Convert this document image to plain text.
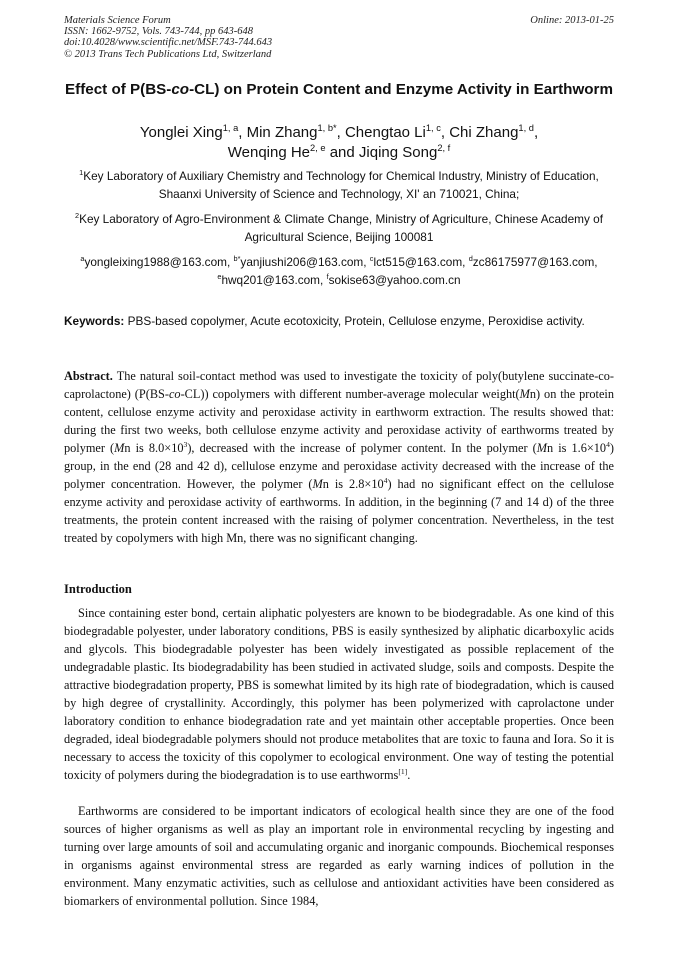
Materials Science Forum
ISSN: 1662-9752, Vols. 743-744, pp 643-648
doi:10.4028/www.scientific.net/MSF.743-744.643
© 2013 Trans Tech Publications Ltd, Switzerland
Online: 2013-01-25
Effect of P(BS-co-CL) on Protein Content and Enzyme Activity in Earthworm
Yonglei Xing$^{1, a}$, Min Zhang$^{1, b*}$, Chengtao Li$^{1, c}$, Chi Zhang$^{1, d}$,
Wenqing He$^{2, e}$ and Jiqing Song$^{2, f}$
$^1$Key Laboratory of Auxiliary Chemistry and Technology for Chemical Industry, Ministry of Education, Shaanxi University of Science and Technology, XI' an 710021, China;
$^2$Key Laboratory of Agro-Environment & Climate Change, Ministry of Agriculture, Chinese Academy of Agricultural Science, Beijing 100081
$^a$yongleixing1988@163.com, $^{b*}$yanjiushi206@163.com, $^c$lct515@163.com, $^d$zc86175977@163.com,
$^e$hwq201@163.com, $^f$sokise63@yahoo.com.cn
Keywords: PBS-based copolymer, Acute ecotoxicity, Protein, Cellulose enzyme, Peroxidise activity.
Abstract. The natural soil-contact method was used to investigate the toxicity of poly(butylene succinate-co-caprolactone) (P(BS-co-CL)) copolymers with different number-average molecular weight(Mn) on the protein content, cellulose enzyme activity and peroxidase activity in earthworm extraction. The results showed that: during the first two weeks, both cellulose enzyme activity and peroxidase activity of earthworms treated by polymer (Mn is $8.0\times 10^3$), decreased with the increase of polymer content. In the polymer (Mn is $1.6\times 10^4$) group, in the end (28 and 42 d), cellulose enzyme and peroxidase activity decreased with the increase of the polymer concentration. However, the polymer (Mn is $2.8\times 10^4$) had no significant effect on the cellulose enzyme activity and peroxidase activity of earthworms. In addition, in the beginning (7 and 14 d) of the three treatments, the protein content increased with the raising of polymer concentration. Nevertheless, in the test treated by copolymers with high Mn, there was no significant changing.
Introduction
Since containing ester bond, certain aliphatic polyesters are known to be biodegradable. As one kind of this biodegradable polyester, under laboratory conditions, PBS is easily synthesized by aliphatic dicarboxylic acids and glycols. This biodegradable polyester has been widely investigated as possible replacement of the undegradable plastic. Its biodegradability has been studied in activated sludge, soils and composts. Despite the attractive biodegradation property, PBS is somewhat limited by its high rate of biodegradation, which is caused by high degree of crystallinity. Accordingly, this polymer has been polymerized with caprolactone under laboratory condition to enhance biodegradation rate and yet maintain other acceptable properties. Once been degraded, ideal biodegradable polymers should not produce metabolites that are toxic to fauna and Iora. So it is necessary to access the toxicity of this copolymer to ecological environment. One way of testing the potential toxicity of polymers during the biodegradation is to use earthworms[1].
Earthworms are considered to be important indicators of ecological health since they are one of the food sources of higher organisms as well as play an important role in environmental recycling by ingesting and turning over large amounts of soil and accumulating organic and inorganic compounds. Biochemical responses in organisms against environmental stress are regarded as early warning indices of pollution in the environment. Many enzymatic activities, such as cellulose and antioxidant activities have been considered as biomarkers of environmental pollution. Since 1984,
